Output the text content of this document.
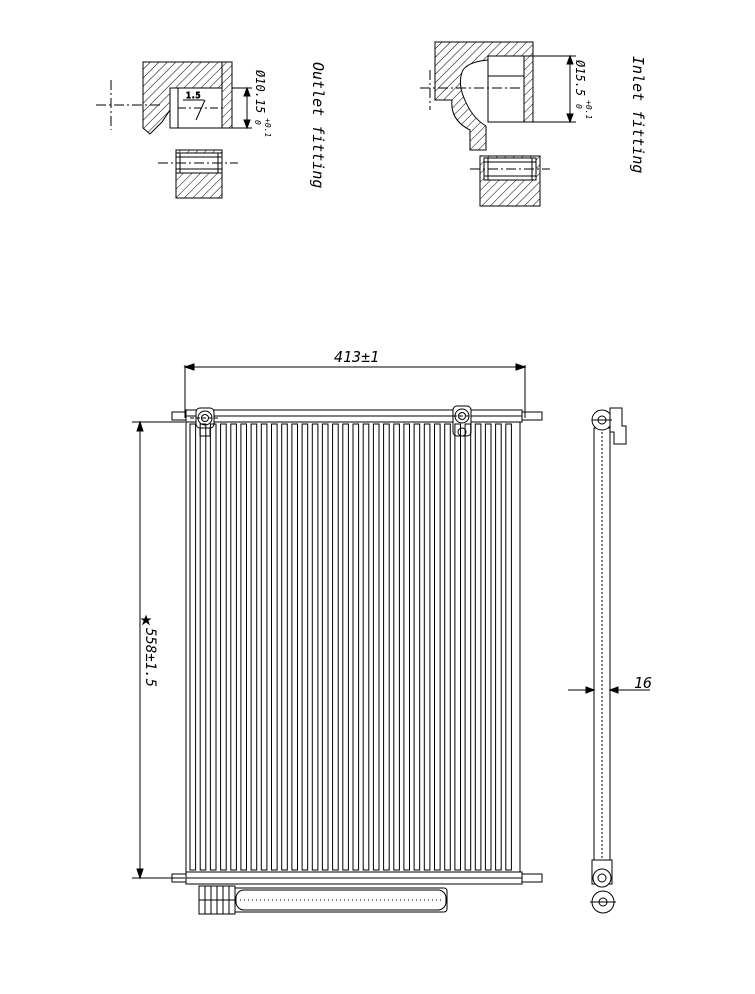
1.5	Ø10.15
+0.1
0	Outlet fitting	Ø15.5
+0.1
0	Inlet fitting
413±1
558±1.5	16
